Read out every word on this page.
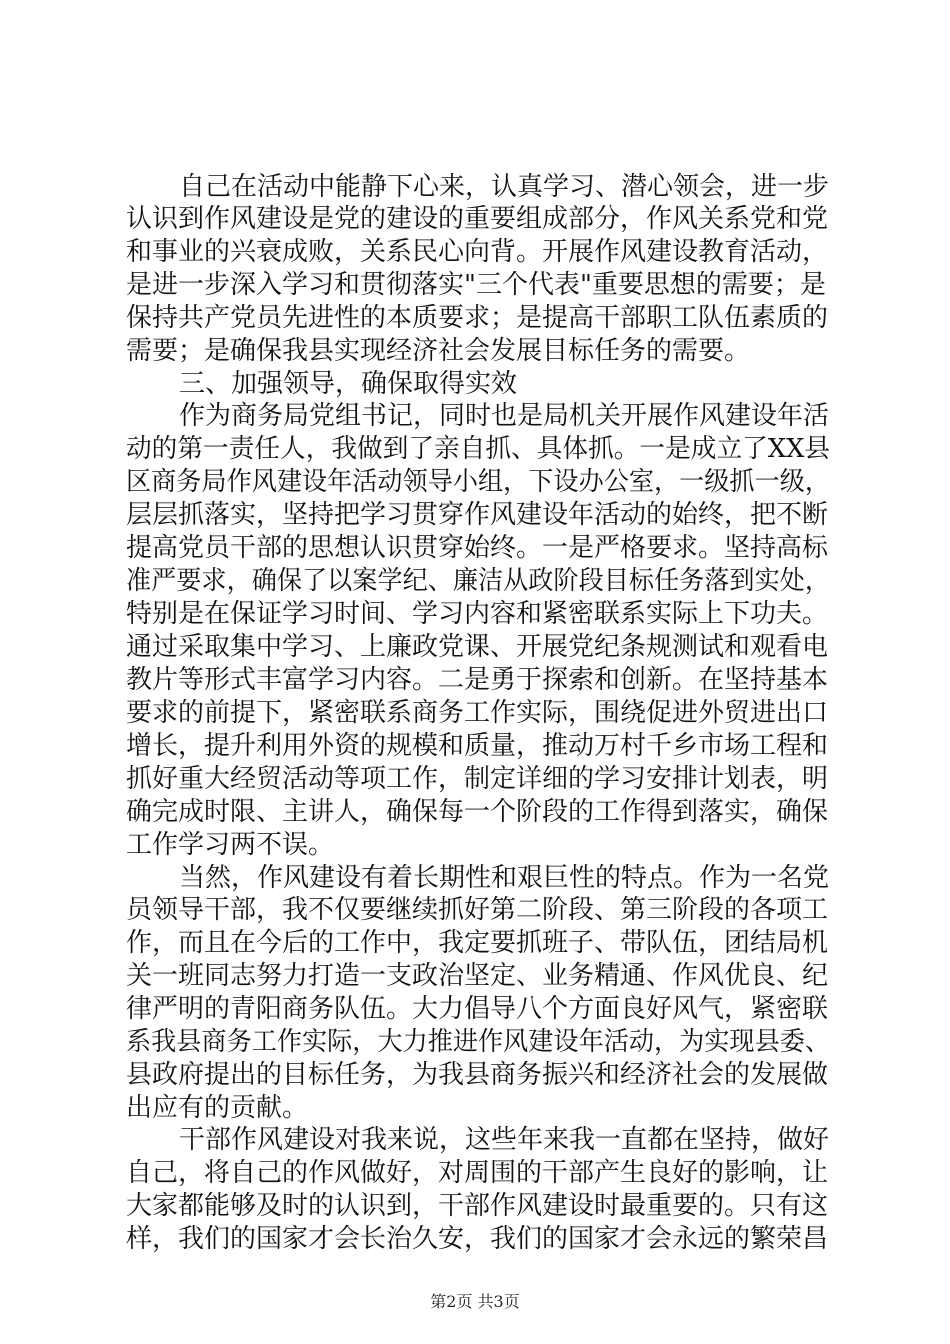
自己在活动中能静下心来，认真学习、潜心领会，进一步
认识到作风建设是党的建设的重要组成部分，作风关系党和党
和事业的兴衰成败，关系民心向背。开展作风建设教育活动，
是进一步深入学习和贯彻落实"三个代表"重要思想的需要；是
保持共产党员先进性的本质要求；是提高干部职工队伍素质的
需要；是确保我县实现经济社会发展目标任务的需要。
三、加强领导，确保取得实效
作为商务局党组书记，同时也是局机关开展作风建设年活
动的第一责任人，我做到了亲自抓、具体抓。一是成立了XX县
区商务局作风建设年活动领导小组，下设办公室，一级抓一级，
层层抓落实，坚持把学习贯穿作风建设年活动的始终，把不断
提高党员干部的思想认识贯穿始终。一是严格要求。坚持高标
准严要求，确保了以案学纪、廉洁从政阶段目标任务落到实处，
特别是在保证学习时间、学习内容和紧密联系实际上下功夫。
通过采取集中学习、上廉政党课、开展党纪条规测试和观看电
教片等形式丰富学习内容。二是勇于探索和创新。在坚持基本
要求的前提下，紧密联系商务工作实际，围绕促进外贸进出口
增长，提升利用外资的规模和质量，推动万村千乡市场工程和
抓好重大经贸活动等项工作，制定详细的学习安排计划表，明
确完成时限、主讲人，确保每一个阶段的工作得到落实，确保
工作学习两不误。
当然，作风建设有着长期性和艰巨性的特点。作为一名党
员领导干部，我不仅要继续抓好第二阶段、第三阶段的各项工
作，而且在今后的工作中，我定要抓班子、带队伍，团结局机
关一班同志努力打造一支政治坚定、业务精通、作风优良、纪
律严明的青阳商务队伍。大力倡导八个方面良好风气，紧密联
系我县商务工作实际，大力推进作风建设年活动，为实现县委、
县政府提出的目标任务，为我县商务振兴和经济社会的发展做
出应有的贡献。
干部作风建设对我来说，这些年来我一直都在坚持，做好
自己，将自己的作风做好，对周围的干部产生良好的影响，让
大家都能够及时的认识到，干部作风建设时最重要的。只有这
样，我们的国家才会长治久安，我们的国家才会永远的繁荣昌
第2页 共3页
